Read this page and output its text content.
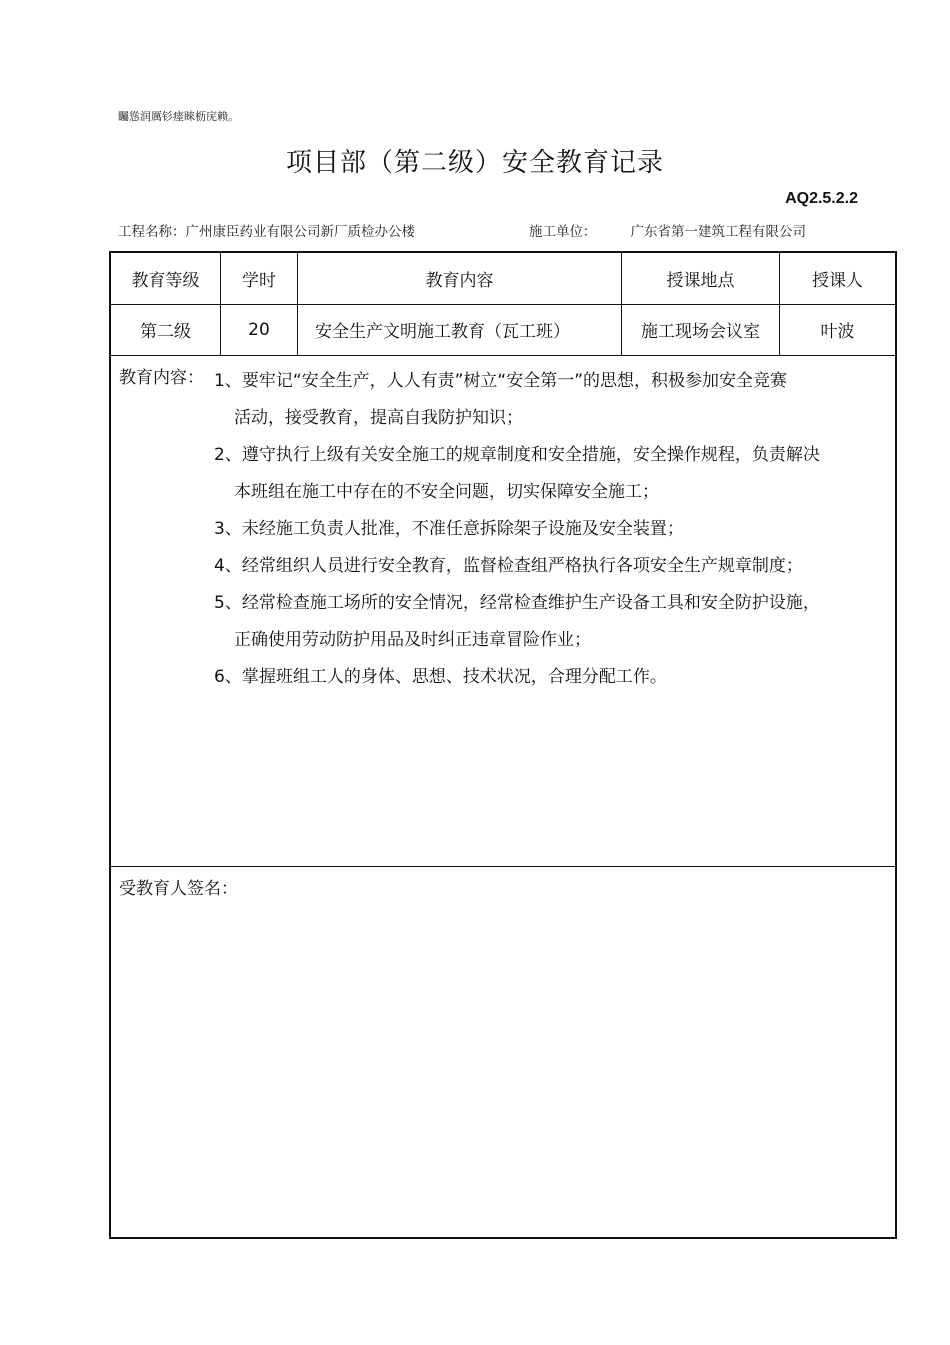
矚慫润厲钐瘗睞枥庑赖。
项目部（第二级）安全教育记录
AQ2.5.2.2
工程名称：广州康臣药业有限公司新厂质检办公楼	施工单位：	广东省第一建筑工程有限公司
教育等级	学时	教育内容	授课地点	授课人
第二级	20	安全生产文明施工教育（瓦工班）	施工现场会议室	叶波
教育内容： 1、要牢记“安全生产，人人有责”树立“安全第一”的思想，积极参加安全竞赛
活动，接受教育，提高自我防护知识；
2、遵守执行上级有关安全施工的规章制度和安全措施，安全操作规程，负责解决
本班组在施工中存在的不安全问题，切实保障安全施工；
3、未经施工负责人批准，不准任意拆除架子设施及安全装置；
4、经常组织人员进行安全教育，监督检查组严格执行各项安全生产规章制度；
5、经常检查施工场所的安全情况，经常检查维护生产设备工具和安全防护设施，
正确使用劳动防护用品及时纠正违章冒险作业；
6、掌握班组工人的身体、思想、技术状况，合理分配工作。
受教育人签名：
